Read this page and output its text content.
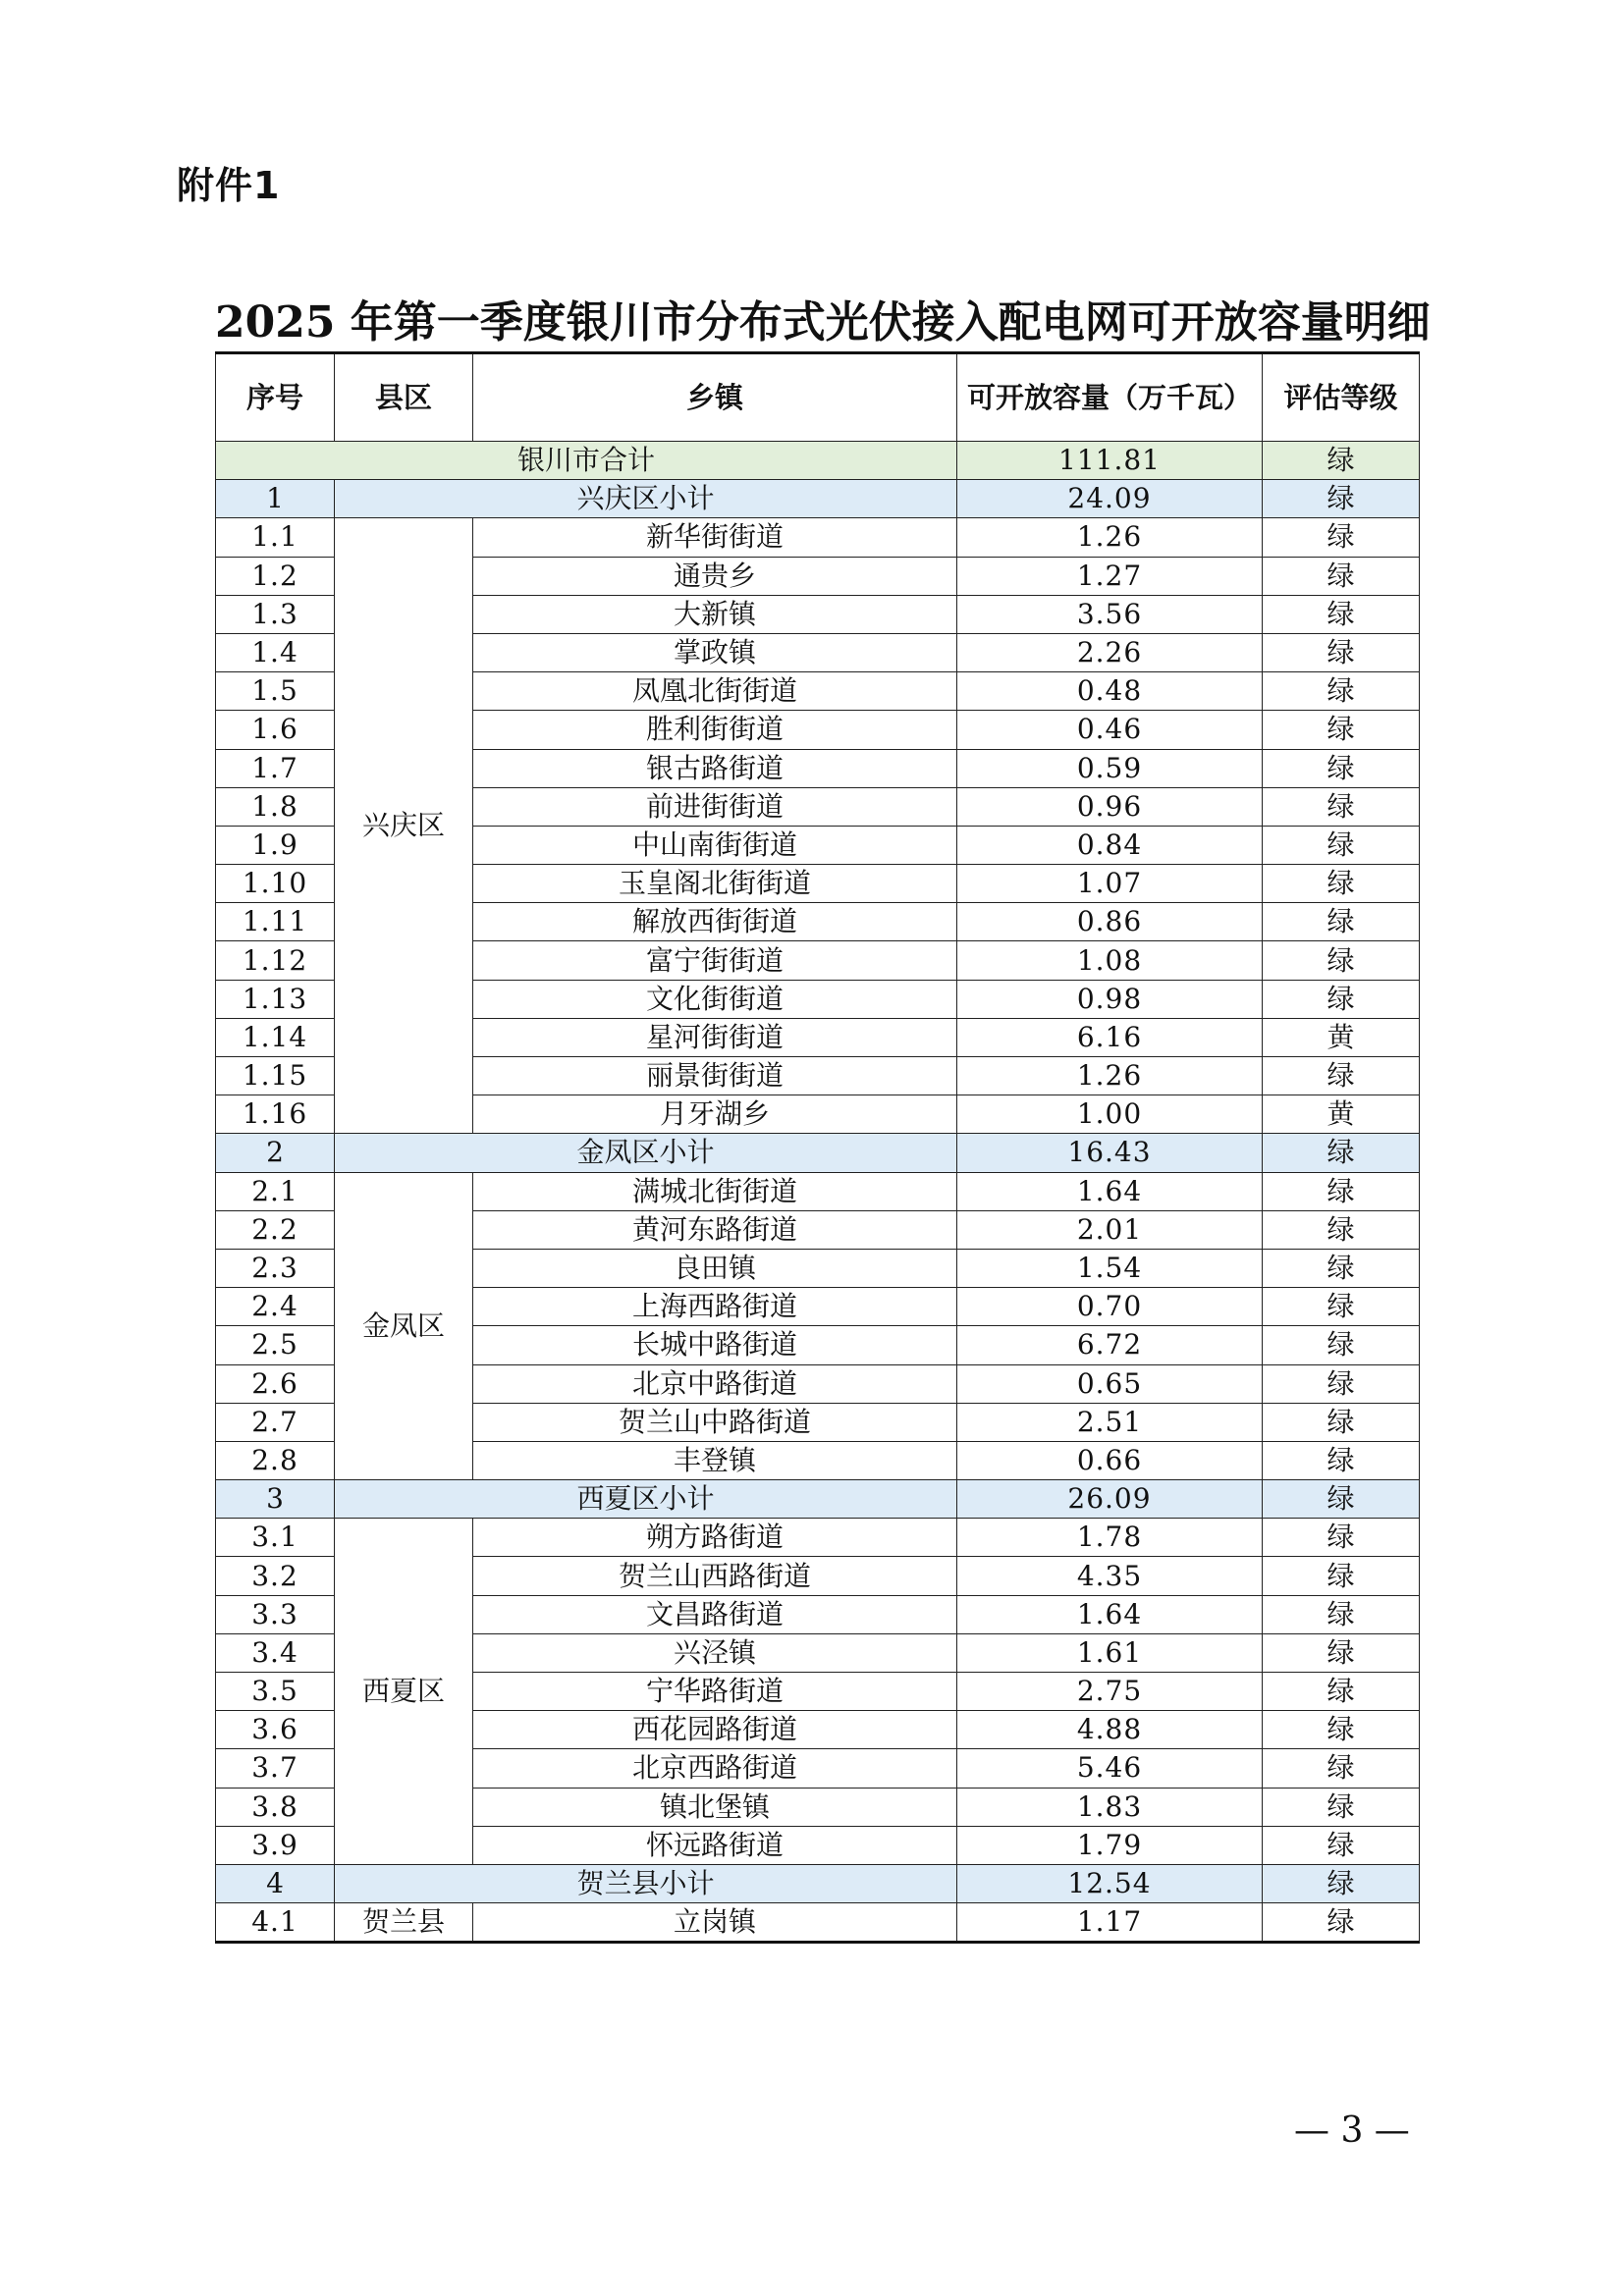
附件1
2025 年第一季度银川市分布式光伏接入配电网可开放容量明细
序号	县区	乡镇	可开放容量（万千瓦）	评估等级
银川市合计			111.81	绿
1	兴庆区小计		24.09	绿
1.1	兴庆区	新华街街道	1.26	绿
1.2		通贵乡	1.27	绿
1.3		大新镇	3.56	绿
1.4		掌政镇	2.26	绿
1.5		凤凰北街街道	0.48	绿
1.6		胜利街街道	0.46	绿
1.7		银古路街道	0.59	绿
1.8		前进街街道	0.96	绿
1.9		中山南街街道	0.84	绿
1.10		玉皇阁北街街道	1.07	绿
1.11		解放西街街道	0.86	绿
1.12		富宁街街道	1.08	绿
1.13		文化街街道	0.98	绿
1.14		星河街街道	6.16	黄
1.15		丽景街街道	1.26	绿
1.16		月牙湖乡	1.00	黄
2	金凤区小计		16.43	绿
2.1	金凤区	满城北街街道	1.64	绿
2.2		黄河东路街道	2.01	绿
2.3		良田镇	1.54	绿
2.4		上海西路街道	0.70	绿
2.5		长城中路街道	6.72	绿
2.6		北京中路街道	0.65	绿
2.7		贺兰山中路街道	2.51	绿
2.8		丰登镇	0.66	绿
3	西夏区小计		26.09	绿
3.1	西夏区	朔方路街道	1.78	绿
3.2		贺兰山西路街道	4.35	绿
3.3		文昌路街道	1.64	绿
3.4		兴泾镇	1.61	绿
3.5		宁华路街道	2.75	绿
3.6		西花园路街道	4.88	绿
3.7		北京西路街道	5.46	绿
3.8		镇北堡镇	1.83	绿
3.9		怀远路街道	1.79	绿
4	贺兰县小计		12.54	绿
4.1	贺兰县	立岗镇	1.17	绿
— 3 —
